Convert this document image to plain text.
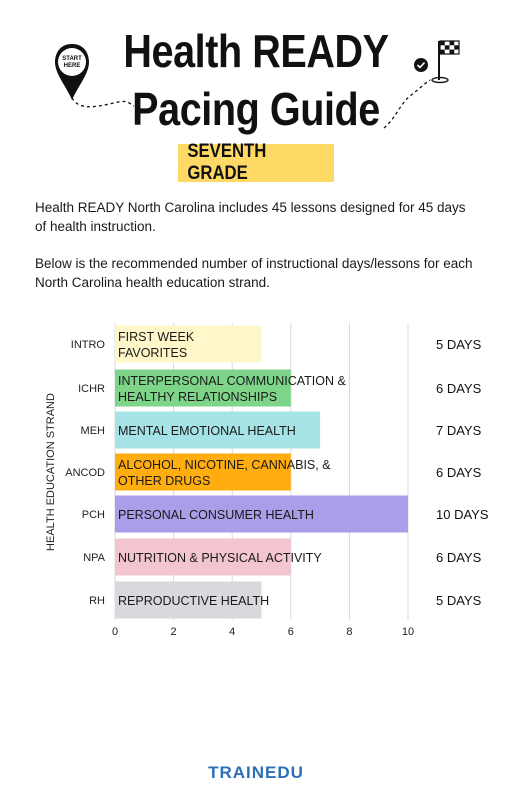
START
HERE Health READY
Pacing Guide
SEVENTH GRADE
Health READY North Carolina includes 45 lessons designed for 45 days of health instruction.
Below is the recommended number of instructional days/lessons for each North Carolina health education strand.
0	2	4	6	8	10
INTRO
FIRST WEEK
FAVORITES
5 DAYS
ICHR
INTERPERSONAL COMMUNICATION &
HEALTHY RELATIONSHIPS
6 DAYS
MEH MENTAL EMOTIONAL HEALTH	7 DAYS
ANCOD
ALCOHOL, NICOTINE, CANNABIS, &
OTHER DRUGS
6 DAYS
PCH PERSONAL CONSUMER HEALTH	10 DAYS
NPA NUTRITION & PHYSICAL ACTIVITY	6 DAYS
RH REPRODUCTIVE HEALTH	5 DAYS
HEALTH EDUCATION STRAND
TRAINEDU
